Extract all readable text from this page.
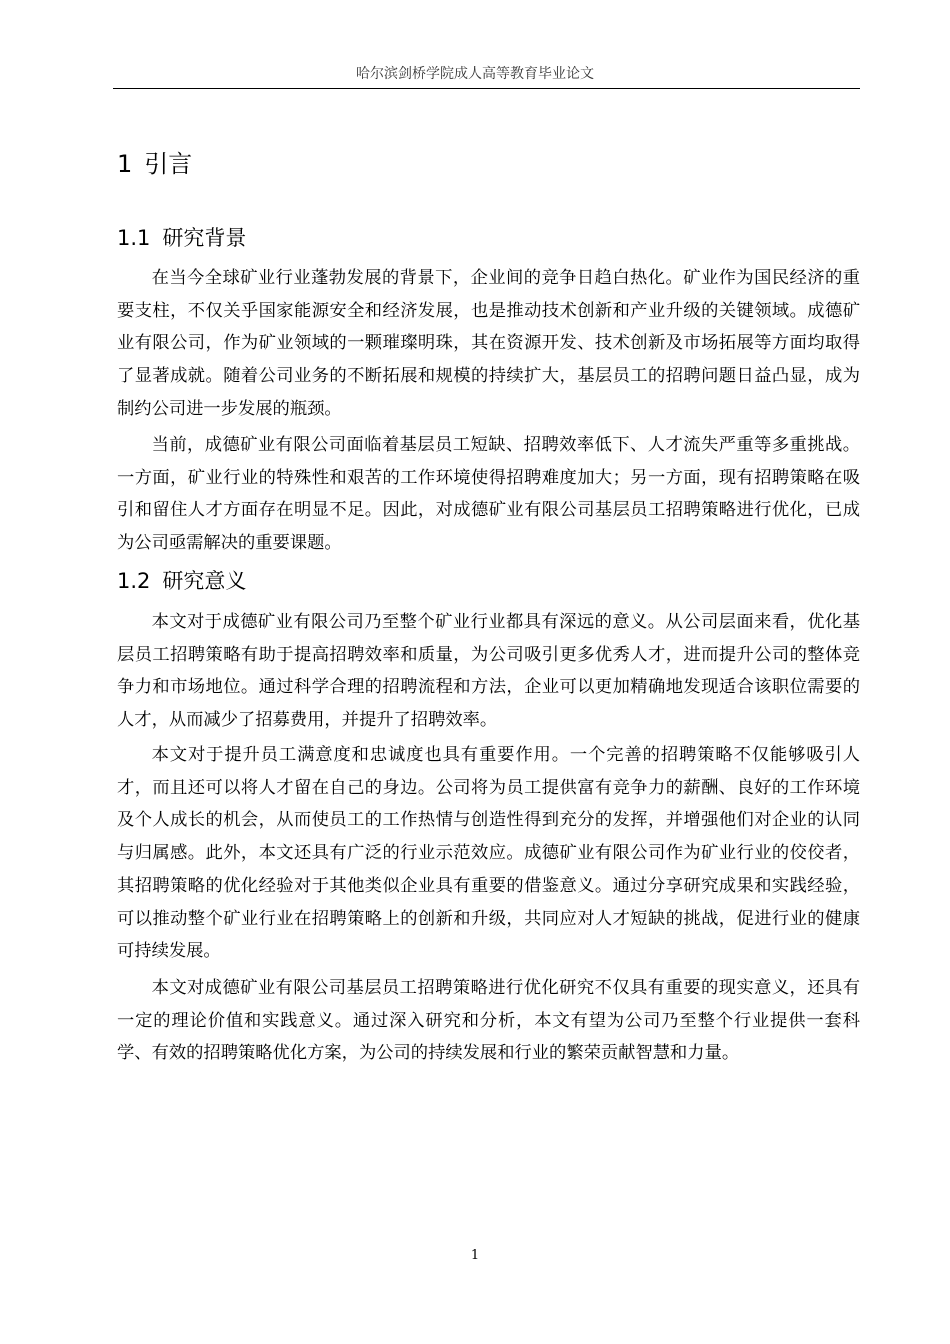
哈尔滨剑桥学院成人高等教育毕业论文
1 引言
1.1 研究背景

在当今全球矿业行业蓬勃发展的背景下，企业间的竞争日趋白热化。矿业作为国民经济的重要支柱，不仅关乎国家能源安全和经济发展，也是推动技术创新和产业升级的关键领域。成德矿业有限公司，作为矿业领域的一颗璀璨明珠，其在资源开发、技术创新及市场拓展等方面均取得了显著成就。随着公司业务的不断拓展和规模的持续扩大，基层员工的招聘问题日益凸显，成为制约公司进一步发展的瓶颈。

当前，成德矿业有限公司面临着基层员工短缺、招聘效率低下、人才流失严重等多重挑战。一方面，矿业行业的特殊性和艰苦的工作环境使得招聘难度加大；另一方面，现有招聘策略在吸引和留住人才方面存在明显不足。因此，对成德矿业有限公司基层员工招聘策略进行优化，已成为公司亟需解决的重要课题。

1.2 研究意义

本文对于成德矿业有限公司乃至整个矿业行业都具有深远的意义。从公司层面来看，优化基层员工招聘策略有助于提高招聘效率和质量，为公司吸引更多优秀人才，进而提升公司的整体竞争力和市场地位。通过科学合理的招聘流程和方法，企业可以更加精确地发现适合该职位需要的人才，从而减少了招募费用，并提升了招聘效率。

本文对于提升员工满意度和忠诚度也具有重要作用。一个完善的招聘策略不仅能够吸引人才，而且还可以将人才留在自己的身边。公司将为员工提供富有竞争力的薪酬、良好的工作环境及个人成长的机会，从而使员工的工作热情与创造性得到充分的发挥，并增强他们对企业的认同与归属感。此外，本文还具有广泛的行业示范效应。成德矿业有限公司作为矿业行业的佼佼者，其招聘策略的优化经验对于其他类似企业具有重要的借鉴意义。通过分享研究成果和实践经验，可以推动整个矿业行业在招聘策略上的创新和升级，共同应对人才短缺的挑战，促进行业的健康可持续发展。

本文对成德矿业有限公司基层员工招聘策略进行优化研究不仅具有重要的现实意义，还具有一定的理论价值和实践意义。通过深入研究和分析，本文有望为公司乃至整个行业提供一套科学、有效的招聘策略优化方案，为公司的持续发展和行业的繁荣贡献智慧和力量。

1
